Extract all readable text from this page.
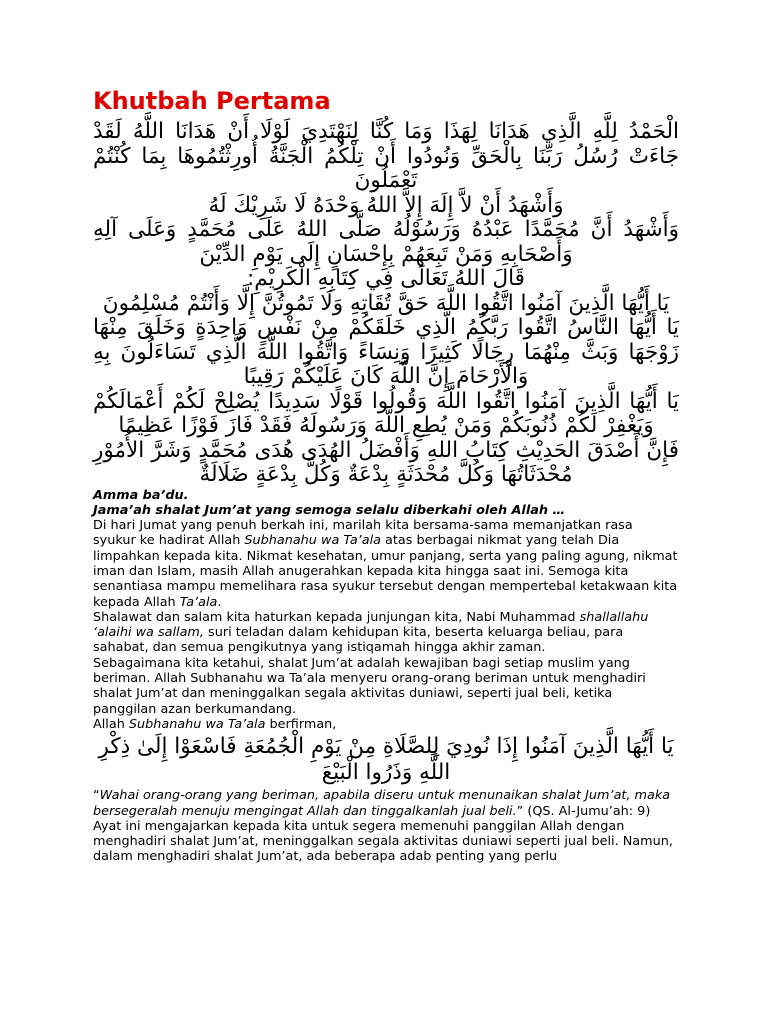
Khutbah Pertama

الْحَمْدُ لِلَّهِ الَّذِي هَدَانَا لِهَذَا وَمَا كُنَّا لِنَهْتَدِيَ لَوْلَا أَنْ هَدَانَا اللَّهُ لَقَدْ جَاءَتْ رُسُلُ رَبِّنَا بِالْحَقِّ وَنُودُوا أَنْ تِلْكُمُ الْجَنَّةُ أُورِثْتُمُوهَا بِمَا كُنْتُمْ تَعْمَلُونَ

وَأَشْهَدُ أَنْ لاَّ إِلَهَ إِلاَّ اللهُ وَحْدَهُ لَا شَرِيْكَ لَهُ

وَأَشْهَدُ أَنَّ مُحَمَّدًا عَبْدُهُ وَرَسُوْلُهُ صَلَّى اللهُ عَلَى مُحَمَّدٍ وَعَلَى آلِهِ وَأَصْحَابِهِ وَمَنْ تَبِعَهُمْ بِإِحْسَانٍ إِلَى يَوْمِ الدِّيْنَ

قَالَ اللهُ تَعَالَى فِي كِتَابِهِ الْكَرِيْمِ:

يَا أَيُّهَا الَّذِينَ آمَنُوا اتَّقُوا اللَّهَ حَقَّ تُقَاتِهِ وَلَا تَمُوتُنَّ إِلَّا وَأَنْتُمْ مُسْلِمُونَ

يَا أَيُّهَا النَّاسُ اتَّقُوا رَبَّكُمُ الَّذِي خَلَقَكُمْ مِنْ نَفْسٍ وَاحِدَةٍ وَخَلَقَ مِنْهَا زَوْجَهَا وَبَثَّ مِنْهُمَا رِجَالًا كَثِيرًا وَنِسَاءً وَاتَّقُوا اللَّهَ الَّذِي تَسَاءَلُونَ بِهِ وَالْأَرْحَامَ إِنَّ اللَّهَ كَانَ عَلَيْكُمْ رَقِيبًا

يَا أَيُّهَا الَّذِينَ آمَنُوا اتَّقُوا اللَّهَ وَقُولُوا قَوْلًا سَدِيدًا يُصْلِحْ لَكُمْ أَعْمَالَكُمْ وَيَغْفِرْ لَكُمْ ذُنُوبَكُمْ وَمَنْ يُطِعِ اللَّهَ وَرَسُولَهُ فَقَدْ فَازَ فَوْزًا عَظِيمًا

فَإِنَّ أَصْدَقَ الحَدِيْثِ كِتَابُ اللهِ وَأَفْضَلُ الهُدَى هُدَى مُحَمَّدٍ وَشَرَّ الأُمُوْرِ مُحْدَثَاتُهَا وَكُلَّ مُحْدَثَةٍ بِدْعَةٌ وَكُلَّ بِدْعَةٍ ضَلَالَةٌ

Amma ba’du.

Jama’ah shalat Jum’at yang semoga selalu diberkahi oleh Allah …

Di hari Jumat yang penuh berkah ini, marilah kita bersama-sama memanjatkan rasa syukur ke hadirat Allah Subhanahu wa Ta’ala atas berbagai nikmat yang telah Dia limpahkan kepada kita. Nikmat kesehatan, umur panjang, serta yang paling agung, nikmat iman dan Islam, masih Allah anugerahkan kepada kita hingga saat ini. Semoga kita senantiasa mampu memelihara rasa syukur tersebut dengan mempertebal ketakwaan kita kepada Allah Ta’ala.

Shalawat dan salam kita haturkan kepada junjungan kita, Nabi Muhammad shallallahu ‘alaihi wa sallam, suri teladan dalam kehidupan kita, beserta keluarga beliau, para sahabat, dan semua pengikutnya yang istiqamah hingga akhir zaman.

Sebagaimana kita ketahui, shalat Jum’at adalah kewajiban bagi setiap muslim yang beriman. Allah Subhanahu wa Ta’ala menyeru orang-orang beriman untuk menghadiri shalat Jum’at dan meninggalkan segala aktivitas duniawi, seperti jual beli, ketika panggilan azan berkumandang.

Allah Subhanahu wa Ta’ala berfirman,

يَا أَيُّهَا الَّذِينَ آمَنُوا إِذَا نُودِيَ لِلصَّلَاةِ مِنْ يَوْمِ الْجُمُعَةِ فَاسْعَوْا إِلَىٰ ذِكْرِ اللَّهِ وَذَرُوا الْبَيْعَ

“Wahai orang-orang yang beriman, apabila diseru untuk menunaikan shalat Jum’at, maka bersegeralah menuju mengingat Allah dan tinggalkanlah jual beli.” (QS. Al-Jumu’ah: 9)

Ayat ini mengajarkan kepada kita untuk segera memenuhi panggilan Allah dengan menghadiri shalat Jum’at, meninggalkan segala aktivitas duniawi seperti jual beli. Namun, dalam menghadiri shalat Jum’at, ada beberapa adab penting yang perlu
